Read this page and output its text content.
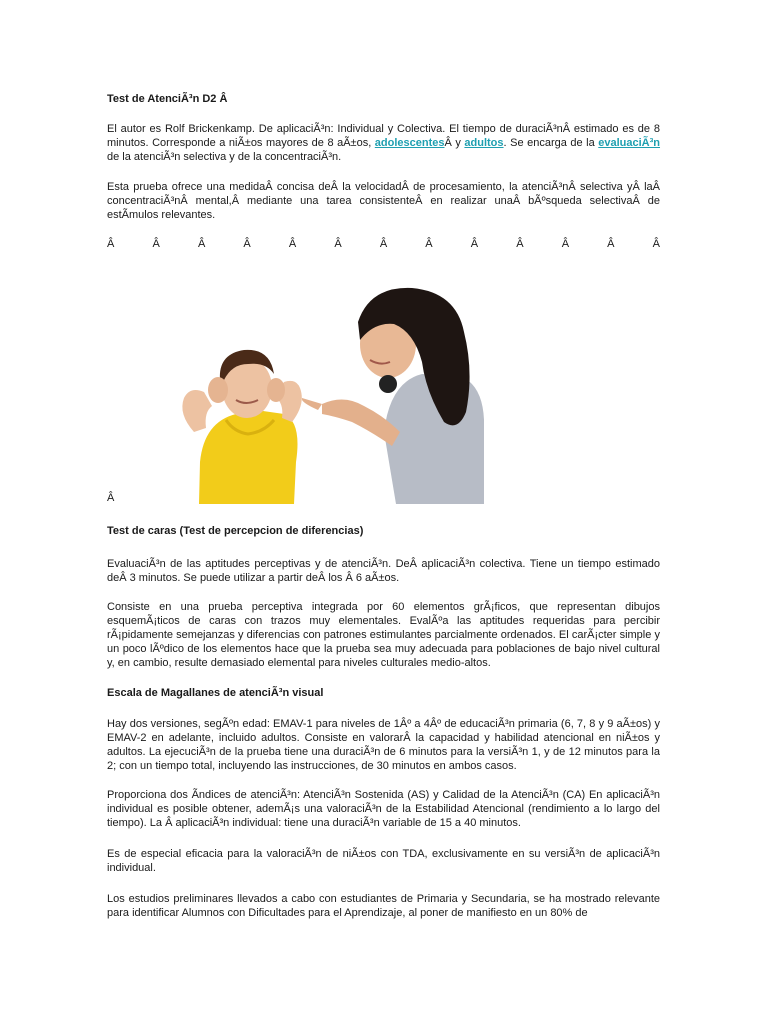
Test de AtenciÃ³n D2 Â

El autor es Rolf Brickenkamp. De aplicaciÃ³n: Individual y Colectiva. El tiempo de duraciÃ³nÂ estimado es de 8 minutos. Corresponde a niÃ±os mayores de 8 aÃ±os, adolescentesÂ y adultos. Se encarga de la evaluaciÃ³n de la atenciÃ³n selectiva y de la concentraciÃ³n.

Esta prueba ofrece una medidaÂ concisa deÂ la velocidadÂ de procesamiento, la atenciÃ³nÂ selectiva yÂ laÂ concentraciÃ³nÂ mental,Â mediante una tarea consistenteÂ en realizar unaÂ bÃºsqueda selectivaÂ de estÃmulos relevantes.

Â	Â	Â	Â	Â	Â	Â	Â	Â	Â	Â	Â	Â

Â

Test de caras (Test de percepcion de diferencias)

EvaluaciÃ³n de las aptitudes perceptivas y de atenciÃ³n. DeÂ aplicaciÃ³n colectiva. Tiene un tiempo estimado deÂ 3 minutos. Se puede utilizar a partir deÂ los Â 6 aÃ±os.

Consiste en una prueba perceptiva integrada por 60 elementos grÃ¡ficos, que representan dibujos esquemÃ¡ticos de caras con trazos muy elementales. EvalÃºa las aptitudes requeridas para percibir rÃ¡pidamente semejanzas y diferencias con patrones estimulantes parcialmente ordenados. El carÃ¡cter simple y un poco lÃºdico de los elementos hace que la prueba sea muy adecuada para poblaciones de bajo nivel cultural y, en cambio, resulte demasiado elemental para niveles culturales medio-altos.

Escala de Magallanes de atenciÃ³n visual

Hay dos versiones, segÃºn edad: EMAV-1 para niveles de 1Âº a 4Âº de educaciÃ³n primaria (6, 7, 8 y 9 aÃ±os) y EMAV-2 en adelante, incluido adultos. Consiste en valorarÂ la capacidad y habilidad atencional en niÃ±os y adultos. La ejecuciÃ³n de la prueba tiene una duraciÃ³n de 6 minutos para la versiÃ³n 1, y de 12 minutos para la 2; con un tiempo total, incluyendo las instrucciones, de 30 minutos en ambos casos.

Proporciona dos Ãndices de atenciÃ³n: AtenciÃ³n Sostenida (AS) y Calidad de la AtenciÃ³n (CA) En aplicaciÃ³n individual es posible obtener, ademÃ¡s una valoraciÃ³n de la Estabilidad Atencional (rendimiento a lo largo del tiempo). La Â aplicaciÃ³n individual: tiene una duraciÃ³n variable de 15 a 40 minutos.

Es de especial eficacia para la valoraciÃ³n de niÃ±os con TDA, exclusivamente en su versiÃ³n de aplicaciÃ³n individual.

Los estudios preliminares llevados a cabo con estudiantes de Primaria y Secundaria, se ha mostrado relevante para identificar Alumnos con Dificultades para el Aprendizaje, al poner de manifiesto en un 80% de
